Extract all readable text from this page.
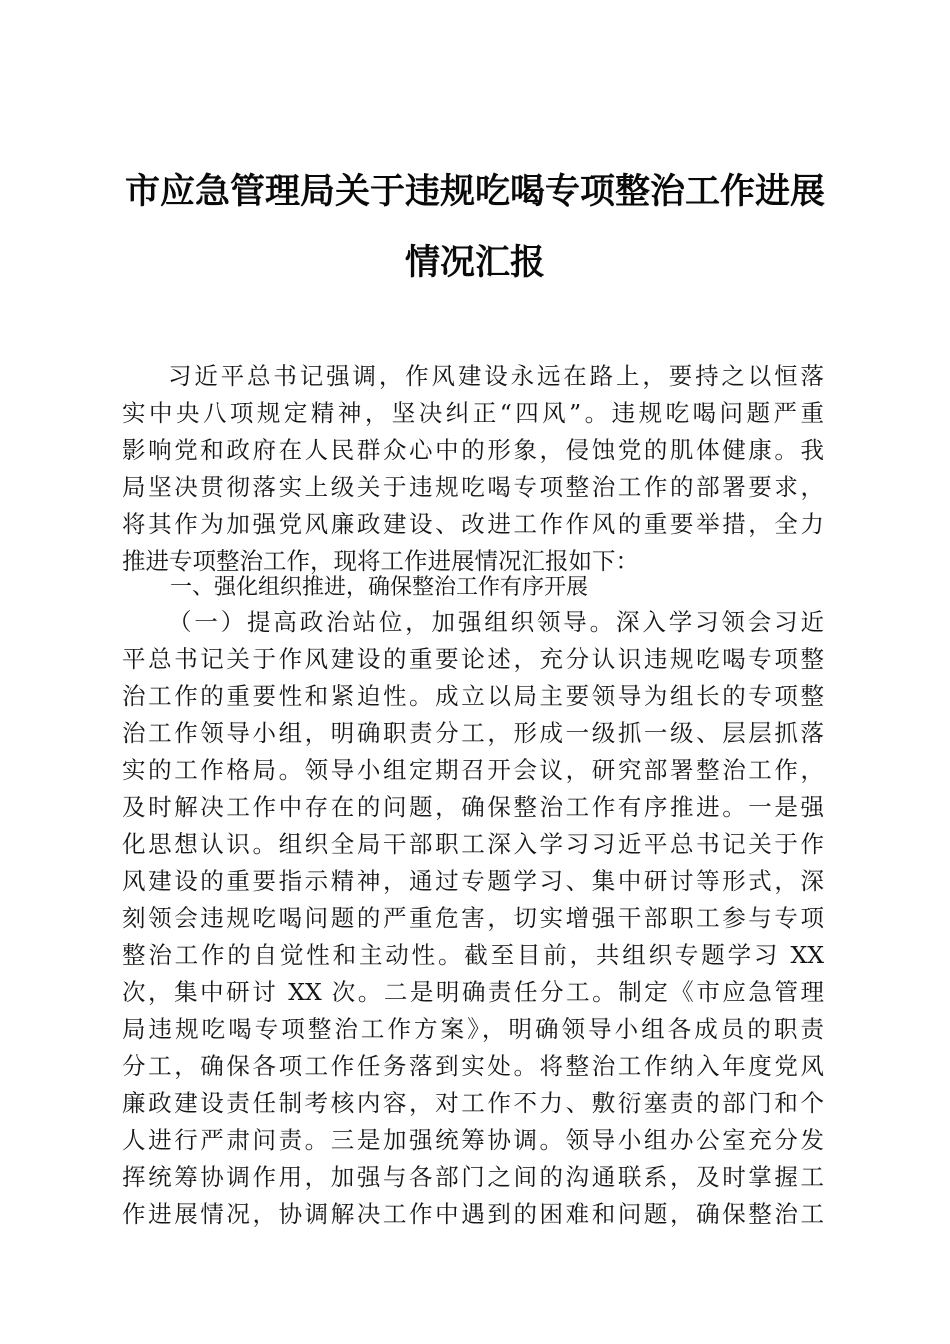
市应急管理局关于违规吃喝专项整治工作进展
情况汇报
习近平总书记强调，作风建设永远在路上，要持之以恒落
实中央八项规定精神，坚决纠正“四风”。违规吃喝问题严重
影响党和政府在人民群众心中的形象，侵蚀党的肌体健康。我
局坚决贯彻落实上级关于违规吃喝专项整治工作的部署要求，
将其作为加强党风廉政建设、改进工作作风的重要举措，全力
推进专项整治工作，现将工作进展情况汇报如下：
一、强化组织推进，确保整治工作有序开展
（一）提高政治站位，加强组织领导。深入学习领会习近
平总书记关于作风建设的重要论述，充分认识违规吃喝专项整
治工作的重要性和紧迫性。成立以局主要领导为组长的专项整
治工作领导小组，明确职责分工，形成一级抓一级、层层抓落
实的工作格局。领导小组定期召开会议，研究部署整治工作，
及时解决工作中存在的问题，确保整治工作有序推进。一是强
化思想认识。组织全局干部职工深入学习习近平总书记关于作
风建设的重要指示精神，通过专题学习、集中研讨等形式，深
刻领会违规吃喝问题的严重危害，切实增强干部职工参与专项
整治工作的自觉性和主动性。截至目前，共组织专题学习 XX
次，集中研讨 XX 次。二是明确责任分工。制定《市应急管理
局违规吃喝专项整治工作方案》，明确领导小组各成员的职责
分工，确保各项工作任务落到实处。将整治工作纳入年度党风
廉政建设责任制考核内容，对工作不力、敷衍塞责的部门和个
人进行严肃问责。三是加强统筹协调。领导小组办公室充分发
挥统筹协调作用，加强与各部门之间的沟通联系，及时掌握工
作进展情况，协调解决工作中遇到的困难和问题，确保整治工
